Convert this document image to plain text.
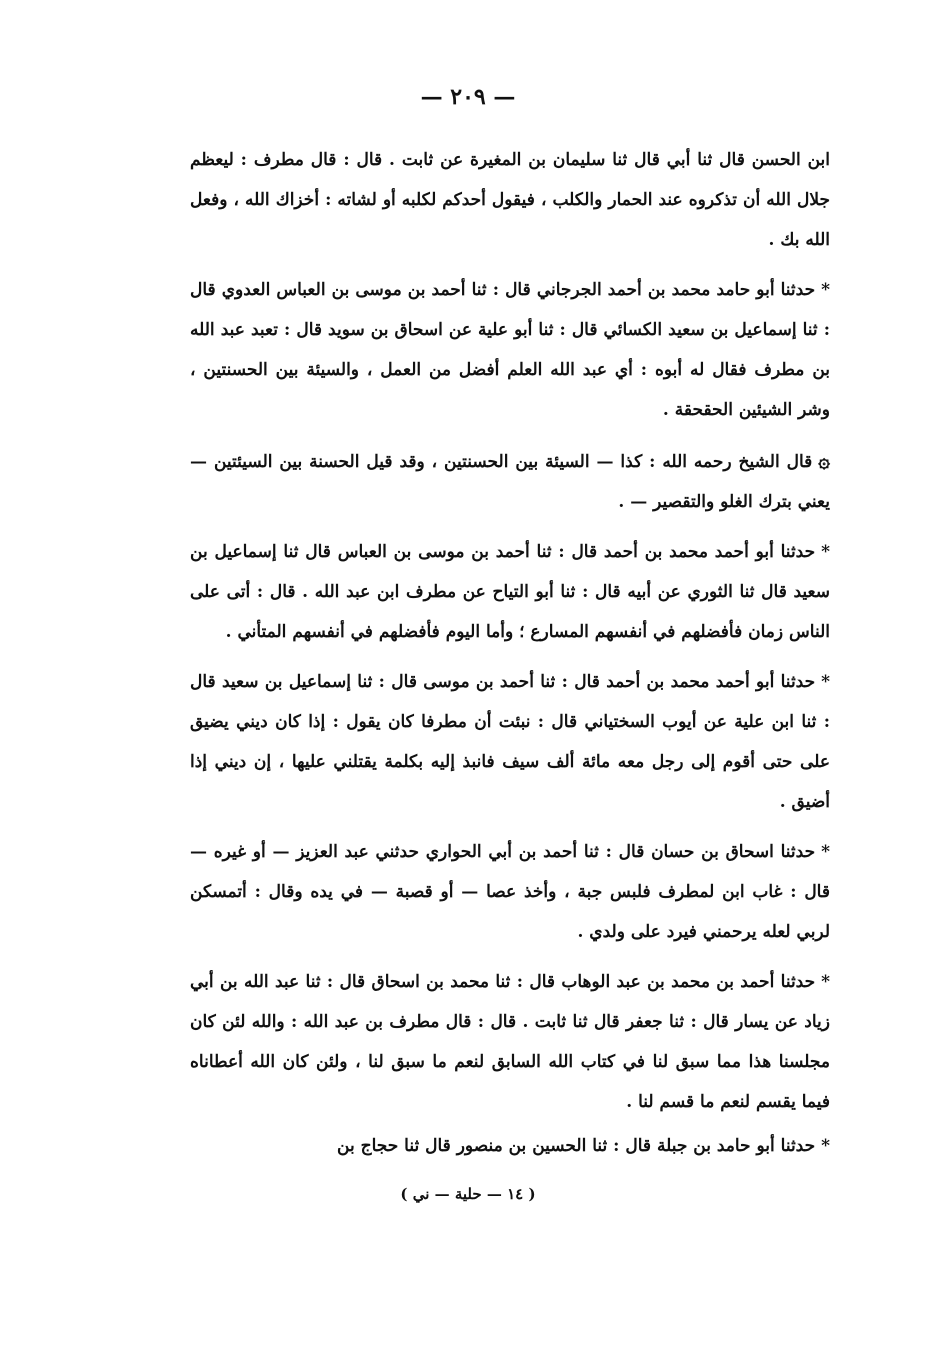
— ٢٠٩ —

ابن الحسن قال ثنا أبي قال ثنا سليمان بن المغيرة عن ثابت . قال : قال مطرف : ليعظم جلال الله أن تذكروه عند الحمار والكلب ، فيقول أحدكم لكلبه أو لشاته : أخزاك الله ، وفعل الله بك .

*حدثنا أبو حامد محمد بن أحمد الجرجاني قال : ثنا أحمد بن موسى بن العباس العدوي قال : ثنا إسماعيل بن سعيد الكسائي قال : ثنا أبو علية عن اسحاق بن سويد قال : تعبد عبد الله بن مطرف فقال له أبوه : أي عبد الله العلم أفضل من العمل ، والسيئة بين الحسنتين ، وشر الشيئين الحقحقة .

۞قال الشيخ رحمه الله : كذا — السيئة بين الحسنتين ، وقد قيل الحسنة بين السيئتين — يعني بترك الغلو والتقصير — .

*حدثنا أبو أحمد محمد بن أحمد قال : ثنا أحمد بن موسى بن العباس قال ثنا إسماعيل بن سعيد قال ثنا الثوري عن أبيه قال : ثنا أبو التياح عن مطرف ابن عبد الله . قال : أتى على الناس زمان فأفضلهم في أنفسهم المسارع ؛ وأما اليوم فأفضلهم في أنفسهم المتأني .

*حدثنا أبو أحمد محمد بن أحمد قال : ثنا أحمد بن موسى قال : ثنا إسماعيل بن سعيد قال : ثنا ابن علية عن أيوب السختياني قال : نبئت أن مطرفا كان يقول : إذا كان ديني يضيق على حتى أقوم إلى رجل معه مائة ألف سيف فانبذ إليه بكلمة يقتلني عليها ، إن ديني إذا أضيق .

*حدثنا اسحاق بن حسان قال : ثنا أحمد بن أبي الحواري حدثني عبد العزيز — أو غيره — قال : غاب ابن لمطرف فلبس جبة ، وأخذ عصا — أو قصبة — في يده وقال : أتمسكن لربي لعله يرحمني فيرد على ولدي .

*حدثنا أحمد بن محمد بن عبد الوهاب قال : ثنا محمد بن اسحاق قال : ثنا عبد الله بن أبي زياد عن يسار قال : ثنا جعفر قال ثنا ثابت . قال : قال مطرف بن عبد الله : والله لئن كان مجلسنا هذا مما سبق لنا في كتاب الله السابق لنعم ما سبق لنا ، ولئن كان الله أعطاناه فيما يقسم لنعم ما قسم لنا .

*حدثنا أبو حامد بن جبلة قال : ثنا الحسين بن منصور قال ثنا حجاج بن

( ١٤ — حلية — ني )
